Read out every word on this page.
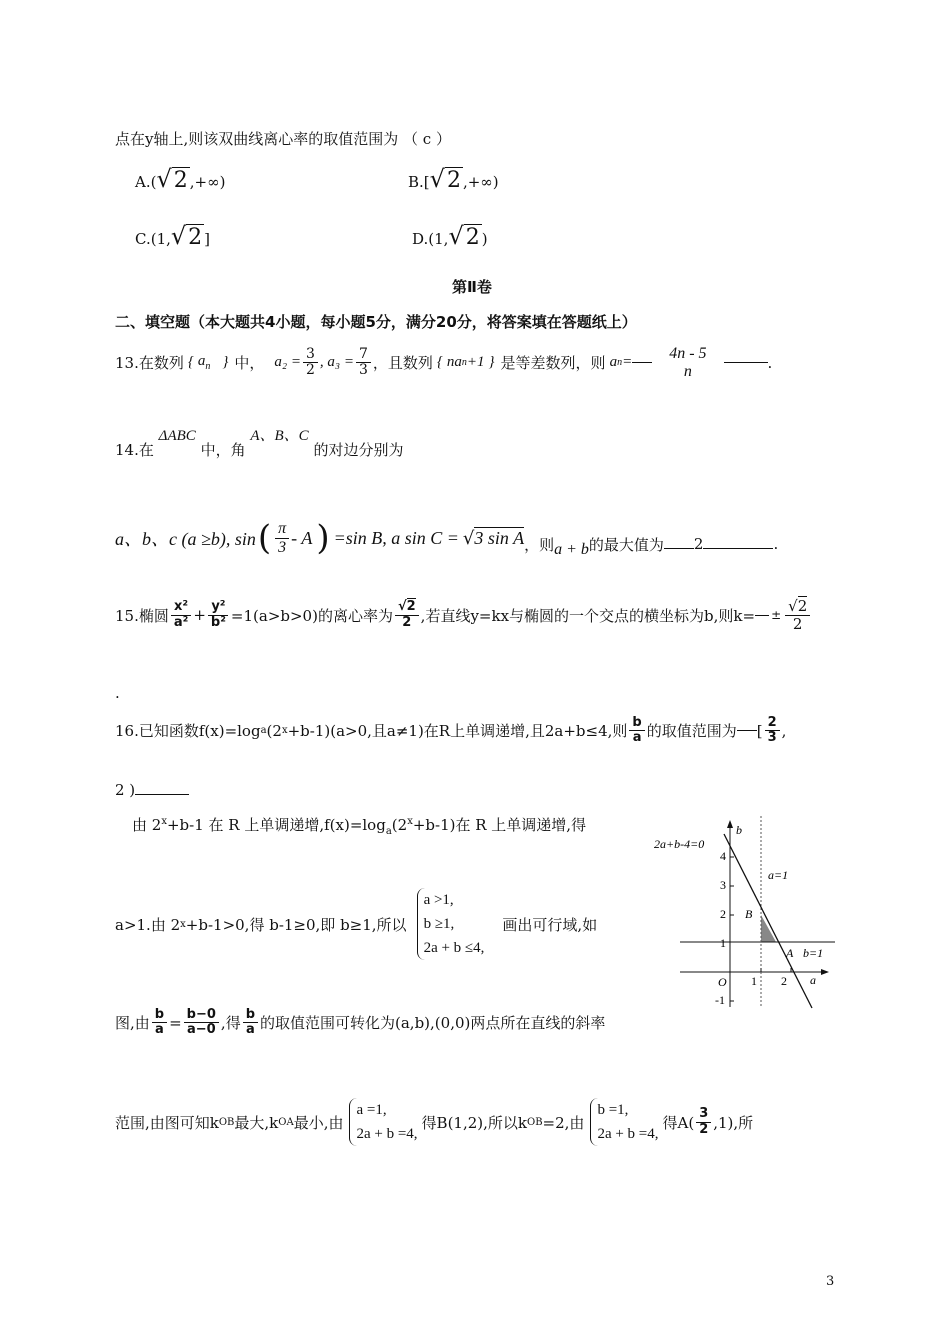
点在y轴上,则该双曲线离心率的取值范围为 （ c ）
A.(√2 ,+∞)	B.[√2 ,+∞)
C.(1,√2 ]	D.(1,√2 )
第Ⅱ卷
二、填空题（本大题共4小题，每小题5分，满分20分，将答案填在答题纸上）
13.在数列 { $a_n$ } 中， $a_2 = \frac{3}{2}$ , $a_3 = \frac{7}{3}$ ，且数列 { na n +1 } 是等差数列，则 a n =
4n - 5
n	.
14.在 ΔABC 中，角 A、B、C 的对边分别为
a、b、c (a ≥b), sin ( $\frac{\pi}{3}$ - A ) =sin B, a sin C = √ 3 sin A ，则 a + b 的最大值为	2	.
15.椭圆 $\frac{\text{x²}}{\text{a²}} + \frac{\text{y²}}{\text{b²}} =1(a>b>0)$的离心率为 $\frac{√2}{2}$ ,若直线y=kx与椭圆的一个交点的横坐标为b,则$k= \pm \frac{√2}{2}$
.
16.已知函数f(x)=log a (2 x +b-1)(a>0,且a≠1)在R上单调递增,且2a+b≤4,则 $\frac{b}{a}$ 的取值范围为 [ $\frac{2}{3}$ ,
2 )
由 $2^x+b-1$ 在 R 上单调递增$,f(x)=\log_a(2^x+b-1)$在 R 上单调递增,得
a>1.由 2 x +b-1>0,得 b-1≥0,即 b≥1,所以
a >1,
b ≥1,
2a + b ≤4,
画出可行域,如
图,由 $\frac{b}{a} = \frac{b-0}{a-0}$ ,得 $\frac{b}{a}$ 的取值范围可转化为(a,b),(0,0)两点所在直线的斜率
范围,由图可知k OB 最大,k OA 最小,由
a =1,
2a + b =4,
得B(1,2),所以k OB =2,由
b =1,
2a + b =4,
得$A( \frac{3}{2} ,1)$,所
2a+b-4=0
b
a
O
a=1
b=1
A
B
4
3
2
1
-1
1 2
3
